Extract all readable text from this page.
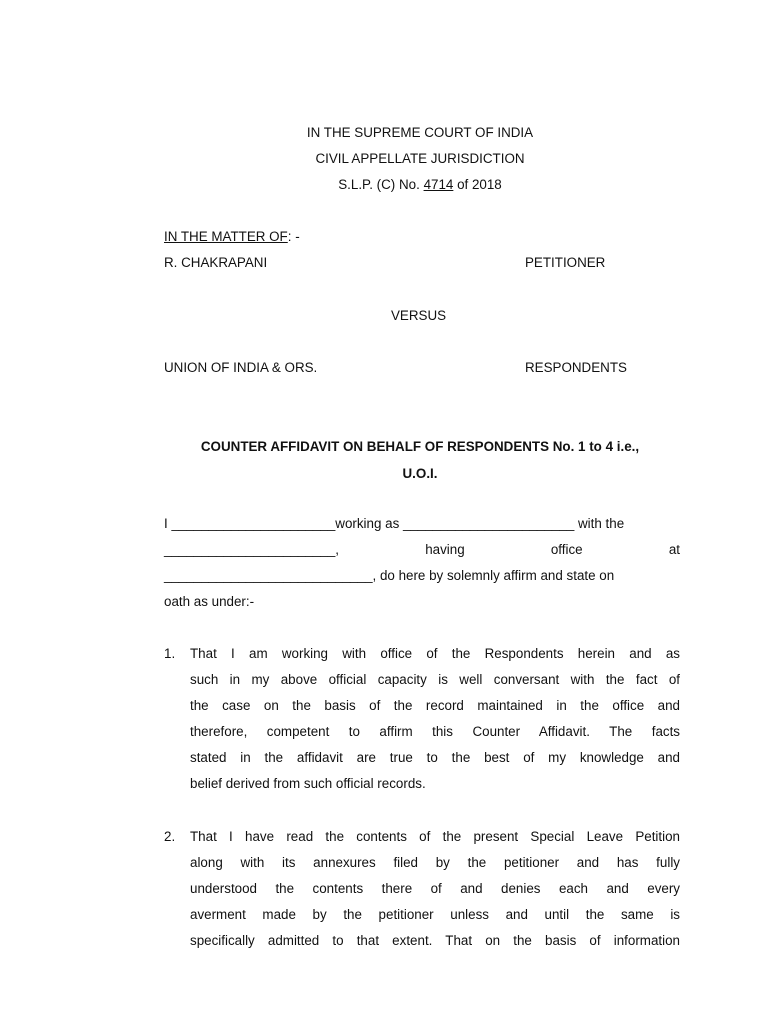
IN THE SUPREME COURT OF INDIA
CIVIL APPELLATE JURISDICTION
S.L.P. (C) No. 4714 of 2018
IN THE MATTER OF: -
R. CHAKRAPANI	PETITIONER
VERSUS
UNION OF INDIA & ORS.	RESPONDENTS
COUNTER AFFIDAVIT ON BEHALF OF RESPONDENTS No. 1 to 4 i.e.,
U.O.I.
I ______________________working as _______________________ with the
_______________________,	having	office	at
____________________________, do here by solemnly affirm and state on
oath as under:-
1. That I am working with office of the Respondents herein and as
such in my above official capacity is well conversant with the fact of
the case on the basis of the record maintained in the office and
therefore, competent to affirm this Counter Affidavit. The facts
stated in the affidavit are true to the best of my knowledge and
belief derived from such official records.
2. That I have read the contents of the present Special Leave Petition
along with its annexures filed by the petitioner and has fully
understood the contents there of and denies each and every
averment made by the petitioner unless and until the same is
specifically admitted to that extent. That on the basis of information
